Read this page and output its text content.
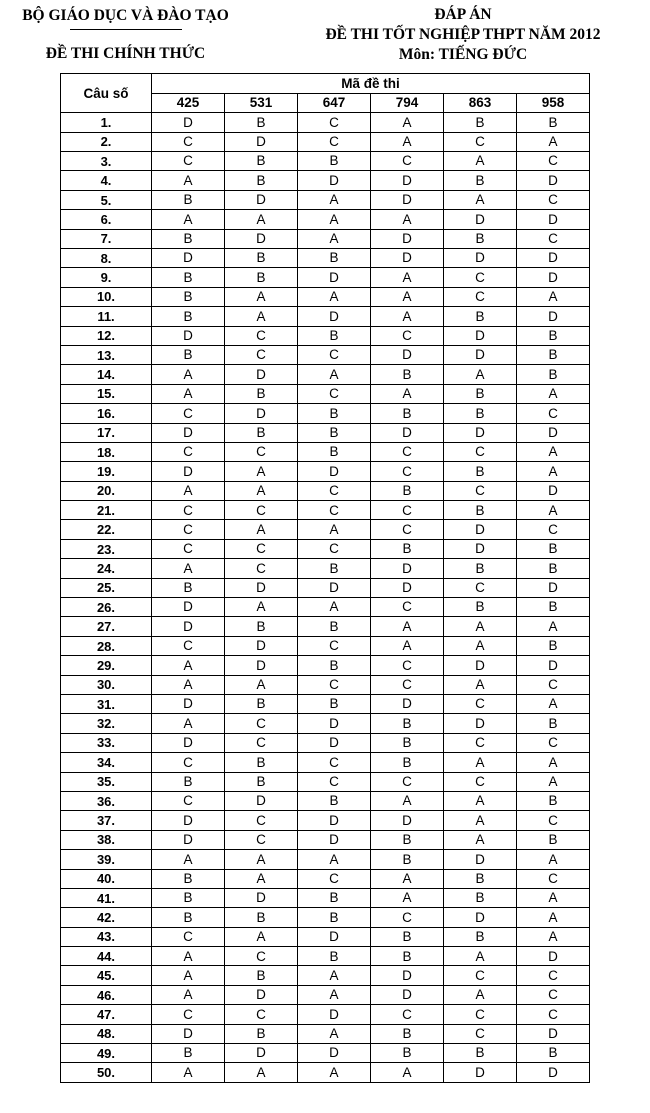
BỘ GIÁO DỤC VÀ ĐÀO TẠO
ĐỀ THI CHÍNH THỨC
ĐÁP ÁN
ĐỀ THI TỐT NGHIỆP THPT NĂM 2012
Môn: TIẾNG ĐỨC
Câu số	Mã đề thi					
	425	531	647	794	863	958
1.	D	B	C	A	B	B
2.	C	D	C	A	C	A
3.	C	B	B	C	A	C
4.	A	B	D	D	B	D
5.	B	D	A	D	A	C
6.	A	A	A	A	D	D
7.	B	D	A	D	B	C
8.	D	B	B	D	D	D
9.	B	B	D	A	C	D
10.	B	A	A	A	C	A
11.	B	A	D	A	B	D
12.	D	C	B	C	D	B
13.	B	C	C	D	D	B
14.	A	D	A	B	A	B
15.	A	B	C	A	B	A
16.	C	D	B	B	B	C
17.	D	B	B	D	D	D
18.	C	C	B	C	C	A
19.	D	A	D	C	B	A
20.	A	A	C	B	C	D
21.	C	C	C	C	B	A
22.	C	A	A	C	D	C
23.	C	C	C	B	D	B
24.	A	C	B	D	B	B
25.	B	D	D	D	C	D
26.	D	A	A	C	B	B
27.	D	B	B	A	A	A
28.	C	D	C	A	A	B
29.	A	D	B	C	D	D
30.	A	A	C	C	A	C
31.	D	B	B	D	C	A
32.	A	C	D	B	D	B
33.	D	C	D	B	C	C
34.	C	B	C	B	A	A
35.	B	B	C	C	C	A
36.	C	D	B	A	A	B
37.	D	C	D	D	A	C
38.	D	C	D	B	A	B
39.	A	A	A	B	D	A
40.	B	A	C	A	B	C
41.	B	D	B	A	B	A
42.	B	B	B	C	D	A
43.	C	A	D	B	B	A
44.	A	C	B	B	A	D
45.	A	B	A	D	C	C
46.	A	D	A	D	A	C
47.	C	C	D	C	C	C
48.	D	B	A	B	C	D
49.	B	D	D	B	B	B
50.	A	A	A	A	D	D
